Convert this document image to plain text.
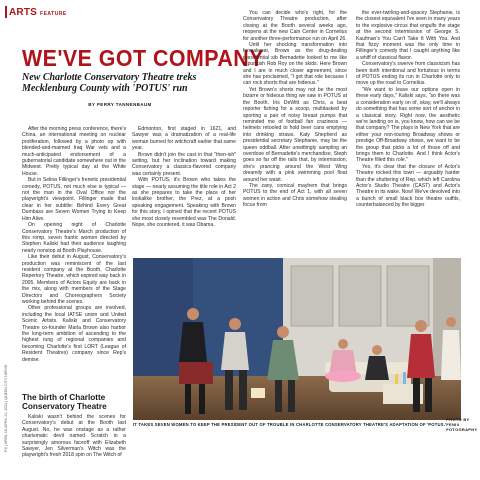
ARTS FEATURE
WE'VE GOT COMPANY
New Charlotte Conservatory Theatre treks Mecklenburg County with 'POTUS' run
BY PERRY TANNENBAUM

After the morning press conference, there's China, an international meeting on nuclear proliferation, followed by a photo op with blended-and-maimed Iraq War vets and a much-anticipated endorsement of a gubernatorial candidate somewhere out in the Midwest. Pretty typical day at the White House.

But in Selina Fillinger's frenetic presidential comedy, POTUS, not much else is typical — not the man in the Oval Office nor the playwright's viewpoint. Fillinger made that clear in her subtitle: Behind Every Great Dumbass are Seven Women Trying to Keep Him Alive.

On opening night of Charlotte Conservatory Theatre's March production of this romp, seven frantic women directed by Stephen Kaliski had their audience laughing nearly nonstop at Booth Playhouse.

Like their debut in August, Conservatory's production was reminiscent of the last resident company at the Booth, Charlotte Repertory Theatre, which expired way back in 2005. Members of Actors Equity are back in the mix, along with members of the Stage Directors and Choreographers Society working behind the scenes.

Other professional groups are involved, including the local IATSE union and United Scenic Artists. Kaliski and Conservatory Theatre co-founder Marla Brown also harbor the long-term ambition of ascending to the highest rung of regional companies and becoming Charlotte's first LORT (League of Resident Theatres) company since Rep's demise.

The birth of Charlotte Conservatory Theatre

Kaliski wasn't behind the scenes for Conservatory's debut at the Booth last August. No, he was onstage as a rather charismatic devil named Scratch in a surprisingly amorous faceoff with Elizabeth Sawyer, Jen Silverman's Witch was the playwright's fresh 2018 spin on The Witch of

Edmonton, first staged in 1621, and Sawyer was a dramatization of a real-life woman burned for witchcraft earlier that same year.

Brown didn't join the cast in that "then-ish" setting, but her inclination toward making Conservatory a classics-flavored company was certainly present.

With POTUS, it's Brown who takes the stage — nearly assuming the title role in Act 2 as she prepares to take the place of her lookalike brother, the Prez, at a posh speaking engagement. Speaking with Brown for this story, I opined that the recent POTUS she most closely resembled was The Donald. Nope, she countered, it was Obama.

You can decide who's right, for the Conservatory Theatre production, after closing at the Booth several weeks ago, reopens at the new Cain Center in Cornelius for another three-performance run on April 26.

Until her shocking transformation into formalwear, Brown as the drug-dealing presidential sib Bernadette looked to me like a punkish Rob Roy on the skids. Here Brown and I are in much closer agreement, since she has proclaimed, "I got that role because I can rock shorts that are hideous."

Yet Brown's shorts may not be the most bizarre or hideous thing we saw in POTUS at the Booth. Iris DeWitt as Chris, a beat reporter fishing for a scoop, multitasked by sporting a pair of noisy breast pumps that reminded me of football fan craziness — helmets retooled to hold beer cans emptying into drinking straws. Katy Shepherd as presidential secretary Stephanie, may be the queen oddball. After unwittingly sampling an overdose of Bernadette's merchandise, Steph goes so far off the rails that, by intermission, she's prancing around the West Wing dreamily with a pink swimming pool float around her waist.

The zany, comical mayhem that brings POTUS to the end of Act 1, with all seven women in action and Chris somehow stealing focus from

the ever-twirling-and-spacey Stephanie, is the closest equivalent I've seen in many years to the explosive circus that engulfs the stage at the second intermission of George S. Kaufman's You Can't Take It With You. And that fizzy moment was the only time in Fillinger's comedy that I caught anything like a whiff of classical flavor.

Conservatory's swerve from classicism has been both intentional and fortuitous in terms of POTUS ending its run in Charlotte only to move up the road to Cornelius.

"We want to leave our options open in these early days," Kaliski says, "so there was a consideration early on of, okay, we'll always do something that has some sort of anchor in a classical story. Right now, the aesthetic we're landing on is, you know, how can we be that company? The plays in New York that are either your non-touring Broadway shows or prestige Off-Broadway shows, we want to be the group that picks a lot of those off and brings them to Charlotte. And I think Actor's Theatre filled this role."

Yes, it's clear that the closure of Actor's Theatre rocked this town — arguably harder than the shuttering of Rep, which left Carolina Actor's Studio Theatre (CAST) and Actor's Theatre in its wake. Now! We've devolved into a bunch of small black box theatre outfits, counterbalanced by the bigger

P.8 | APRIL 18-APRIL 24, 2024 | QUEEN CITY NERVE	IT TAKES SEVEN WOMEN TO KEEP THE PRESIDENT OUT OF TROUBLE IN CHARLOTTE CONSERVATORY THEATRE'S ADAPTATION OF 'POTUS.'
PHOTO BY FENIX FOTOGRAPHY
